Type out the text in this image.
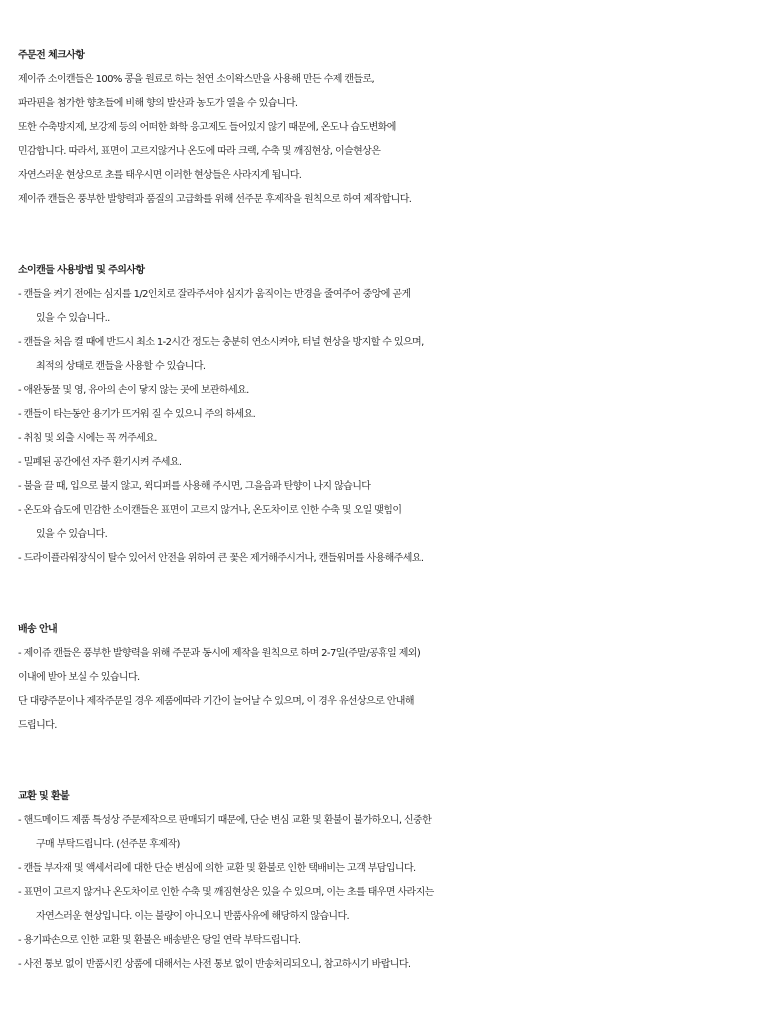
주문전 체크사항
제이쥬 소이캔들은 100% 콩을 원료로 하는 천연 소이왁스만을 사용해 만든 수제 캔들로,
파라핀을 첨가한 향초들에 비해 향의 발산과 농도가 열을 수 있습니다.
또한 수축방지제, 보강제 등의 어떠한 화학 응고제도 들어있지 않기 때문에, 온도나 습도변화에
민감합니다. 따라서, 표면이 고르지않거나 온도에 따라 크랙, 수축 및 깨짐현상, 이슬현상은
자연스러운 현상으로 초를 태우시면 이러한 현상들은 사라지게 됩니다.
제이쥬 캔들은 풍부한 발향력과 품질의 고급화를 위해 선주문 후제작을 원칙으로 하여 제작합니다.
소이캔들 사용방법 및 주의사항
- 캔들을 켜기 전에는 심지를 1/2인치로 잘라주셔야 심지가 움직이는 반경을 줄여주어 중앙에 곧게
있을 수 있습니다..
- 캔들을 처음 켤 때에 반드시 최소 1-2시간 정도는 충분히 연소시켜야, 터널 현상을 방지할 수 있으며,
최적의 상태로 캔들을 사용할 수 있습니다.
- 애완동물 및 영, 유아의 손이 닿지 않는 곳에 보관하세요.
- 캔들이 타는동안 용기가 뜨거워 질 수 있으니 주의 하세요.
- 취침 및 외출 시에는 꼭 꺼주세요.
- 밀폐된 공간에선 자주 환기시켜 주세요.
- 불을 끌 때, 입으로 불지 않고, 윅디퍼를 사용해 주시면, 그을음과 탄향이 나지 않습니다
- 온도와 습도에 민감한 소이캔들은 표면이 고르지 않거나, 온도차이로 인한 수축 및 오일 맺힘이
있을 수 있습니다.
- 드라이플라워장식이 탈수 있어서 안전을 위하여 큰 꽃은 제거해주시거나, 캔들워머를 사용해주세요.
배송 안내
- 제이쥬 캔들은 풍부한 발향력을 위해 주문과 동시에 제작을 원칙으로 하며 2-7일(주말/공휴일 제외)
이내에 받아 보실 수 있습니다.
단 대량주문이나 제작주문일 경우 제품에따라 기간이 늘어날 수 있으며, 이 경우 유선상으로 안내해
드립니다.
교환 및 환불
- 핸드메이드 제품 특성상 주문제작으로 판매되기 때문에, 단순 변심 교환 및 환불이 불가하오니, 신중한
구매 부탁드립니다. (선주문 후제작)
- 캔들 부자재 및 액세서리에 대한 단순 변심에 의한 교환 및 환불로 인한 택배비는 고객 부담입니다.
- 표면이 고르지 않거나 온도차이로 인한 수축 및 깨짐현상은 있을 수 있으며, 이는 초를 태우면 사라지는
자연스러운 현상입니다. 이는 불량이 아니오니 반품사유에 해당하지 않습니다.
- 용기파손으로 인한 교환 및 환불은 배송받은 당일 연락 부탁드립니다.
- 사전 통보 없이 반품시킨 상품에 대해서는 사전 통보 없이 반송처리되오니, 참고하시기 바랍니다.
